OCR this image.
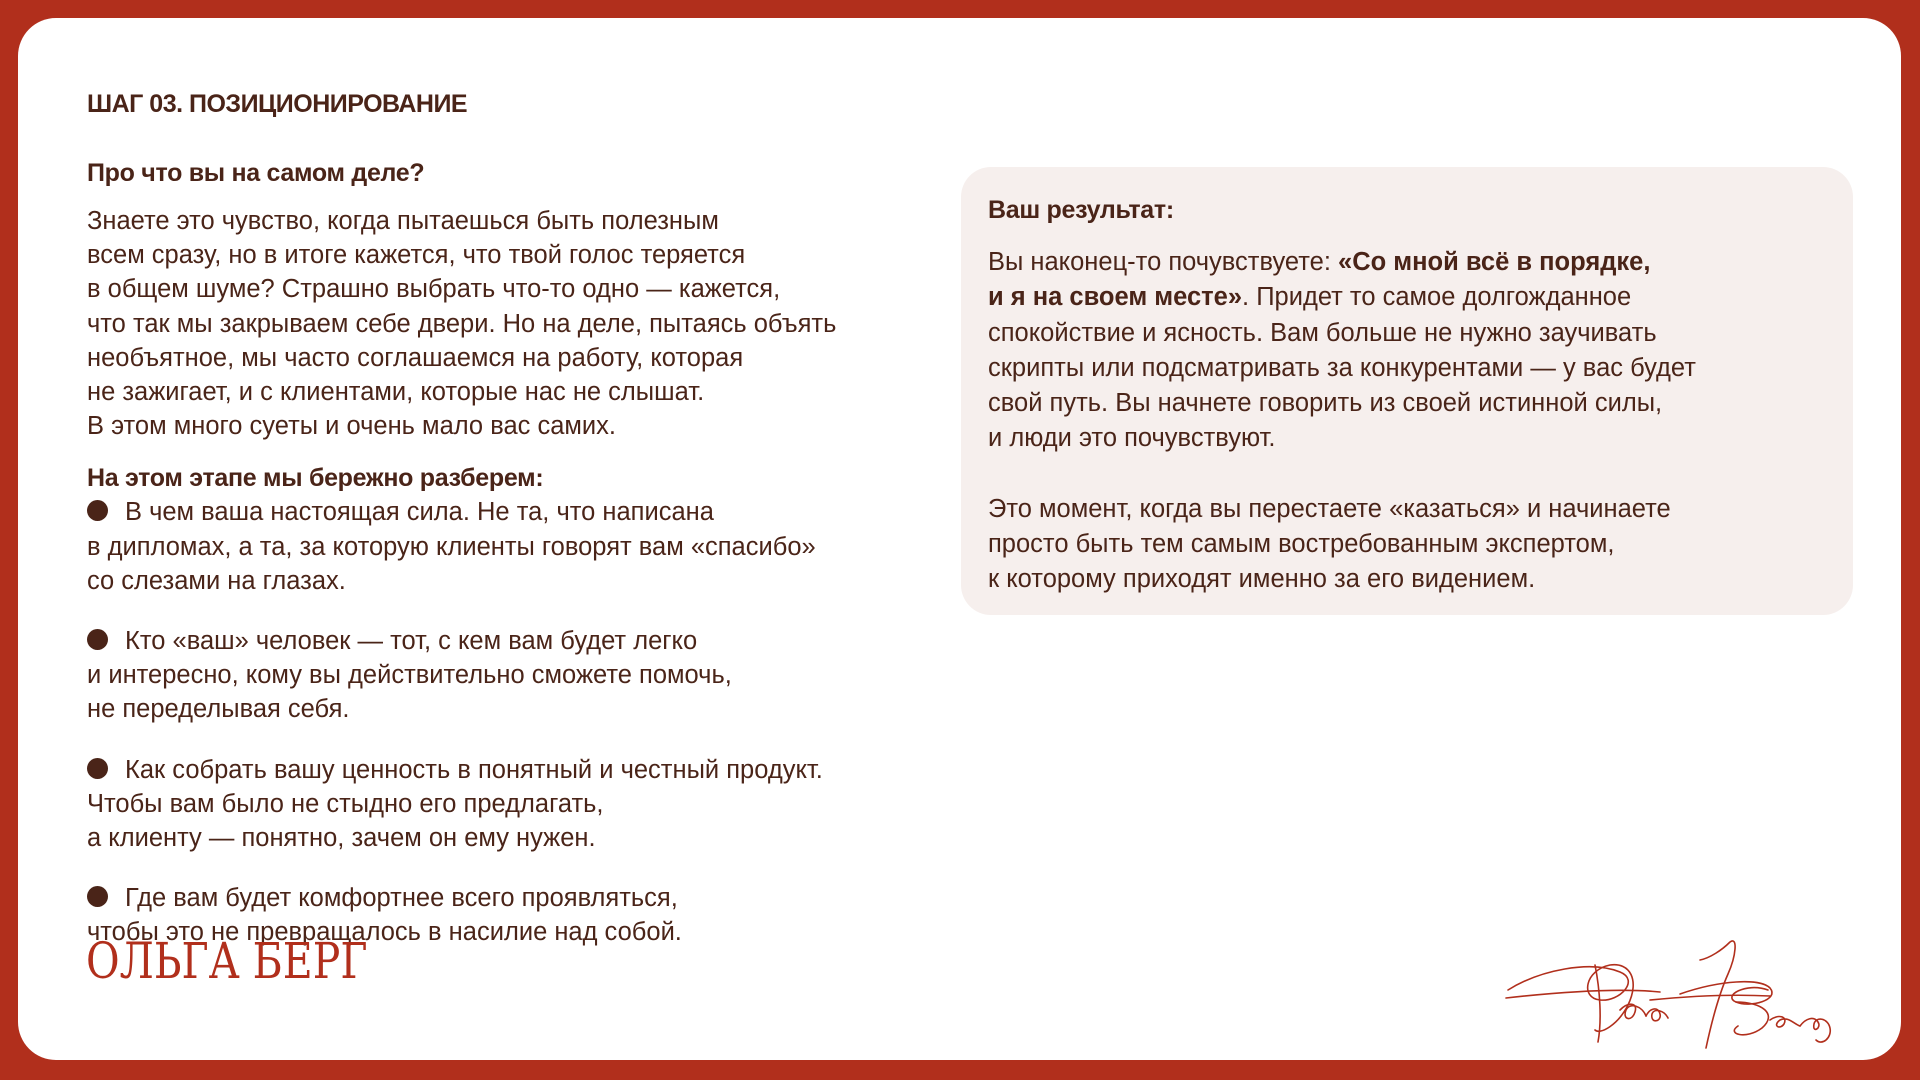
ШАГ 03. ПОЗИЦИОНИРОВАНИЕ

Про что вы на самом деле?

Знаете это чувство, когда пытаешься быть полезным
всем сразу, но в итоге кажется, что твой голос теряется
в общем шуме? Страшно выбрать что-то одно — кажется,
что так мы закрываем себе двери. Но на деле, пытаясь объять
необъятное, мы часто соглашаемся на работу, которая
не зажигает, и с клиентами, которые нас не слышат.
В этом много суеты и очень мало вас самих.

На этом этапе мы бережно разберем:

В чем ваша настоящая сила. Не та, что написана
в дипломах, а та, за которую клиенты говорят вам «спасибо»
со слезами на глазах.
Кто «ваш» человек — тот, с кем вам будет легко
и интересно, кому вы действительно сможете помочь,
не переделывая себя.
Как собрать вашу ценность в понятный и честный продукт.
Чтобы вам было не стыдно его предлагать,
а клиенту — понятно, зачем он ему нужен.
Где вам будет комфортнее всего проявляться,
чтобы это не превращалось в насилие над собой.

Ваш результат:

Вы наконец-то почувствуете: «Со мной всё в порядке,
и я на своем месте». Придет то самое долгожданное
спокойствие и ясность. Вам больше не нужно заучивать
скрипты или подсматривать за конкурентами — у вас будет
свой путь. Вы начнете говорить из своей истинной силы,
и люди это почувствуют.

Это момент, когда вы перестаете «казаться» и начинаете
просто быть тем самым востребованным экспертом,
к которому приходят именно за его видением.

ОЛЬГА БЕРГ
